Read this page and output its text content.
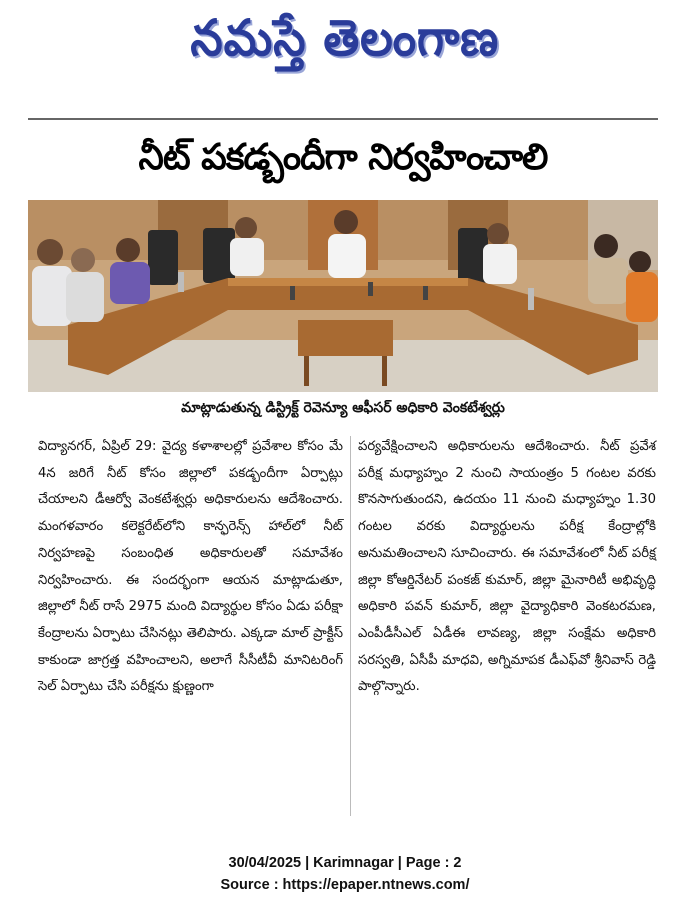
నమస్తే తెలంగాణ
నీట్ పకడ్బందీగా నిర్వహించాలి
మాట్లాడుతున్న డిస్ట్రిక్ట్ రెవెన్యూ ఆఫీసర్ అధికారి వెంకటేశ్వర్లు

విద్యానగర్, ఏప్రిల్ 29: వైద్య కళాశాలల్లో ప్రవేశాల కోసం మే 4న జరిగే నీట్ కోసం జిల్లాలో పకడ్బందీగా ఏర్పాట్లు చేయాలని డీఆర్వో వెంకటేశ్వర్లు అధికారులను ఆదేశించారు. మంగళవారం కలెక్టరేట్‌లోని కాన్ఫరెన్స్ హాల్‌లో నీట్ నిర్వహణపై సంబంధిత అధికారులతో సమావేశం నిర్వహించారు. ఈ సందర్భంగా ఆయన మాట్లాడుతూ, జిల్లాలో నీట్ రాసే 2975 మంది విద్యార్థుల కోసం ఏడు పరీక్షా కేంద్రాలను ఏర్పాటు చేసినట్లు తెలిపారు. ఎక్కడా మాల్ ప్రాక్టీస్ కాకుండా జాగ్రత్త వహించాలని, అలాగే సీసీటీవీ మానిటరింగ్ సెల్ ఏర్పాటు చేసి పరీక్షను క్షుణ్ణంగా

పర్యవేక్షించాలని అధికారులను ఆదేశించారు. నీట్ ప్రవేశ పరీక్ష మధ్యాహ్నం 2 నుంచి సాయంత్రం 5 గంటల వరకు కొనసాగుతుందని, ఉదయం 11 నుంచి మధ్యాహ్నం 1.30 గంటల వరకు విద్యార్థులను పరీక్ష కేంద్రాల్లోకి అనుమతించాలని సూచించారు. ఈ సమావేశంలో నీట్ పరీక్ష జిల్లా కోఆర్డినేటర్ పంకజ్ కుమార్, జిల్లా మైనారిటీ అభివృద్ధి అధికారి పవన్ కుమార్, జిల్లా వైద్యాధికారి వెంకటరమణ, ఎంపీడీసీఎల్ ఏడీఈ లావణ్య, జిల్లా సంక్షేమ అధికారి సరస్వతి, ఏసీపీ మాధవి, అగ్నిమాపక డీఎఫ్‌వో శ్రీనివాస్ రెడ్డి పాల్గొన్నారు.

30/04/2025 | Karimnagar | Page : 2
Source : https://epaper.ntnews.com/
